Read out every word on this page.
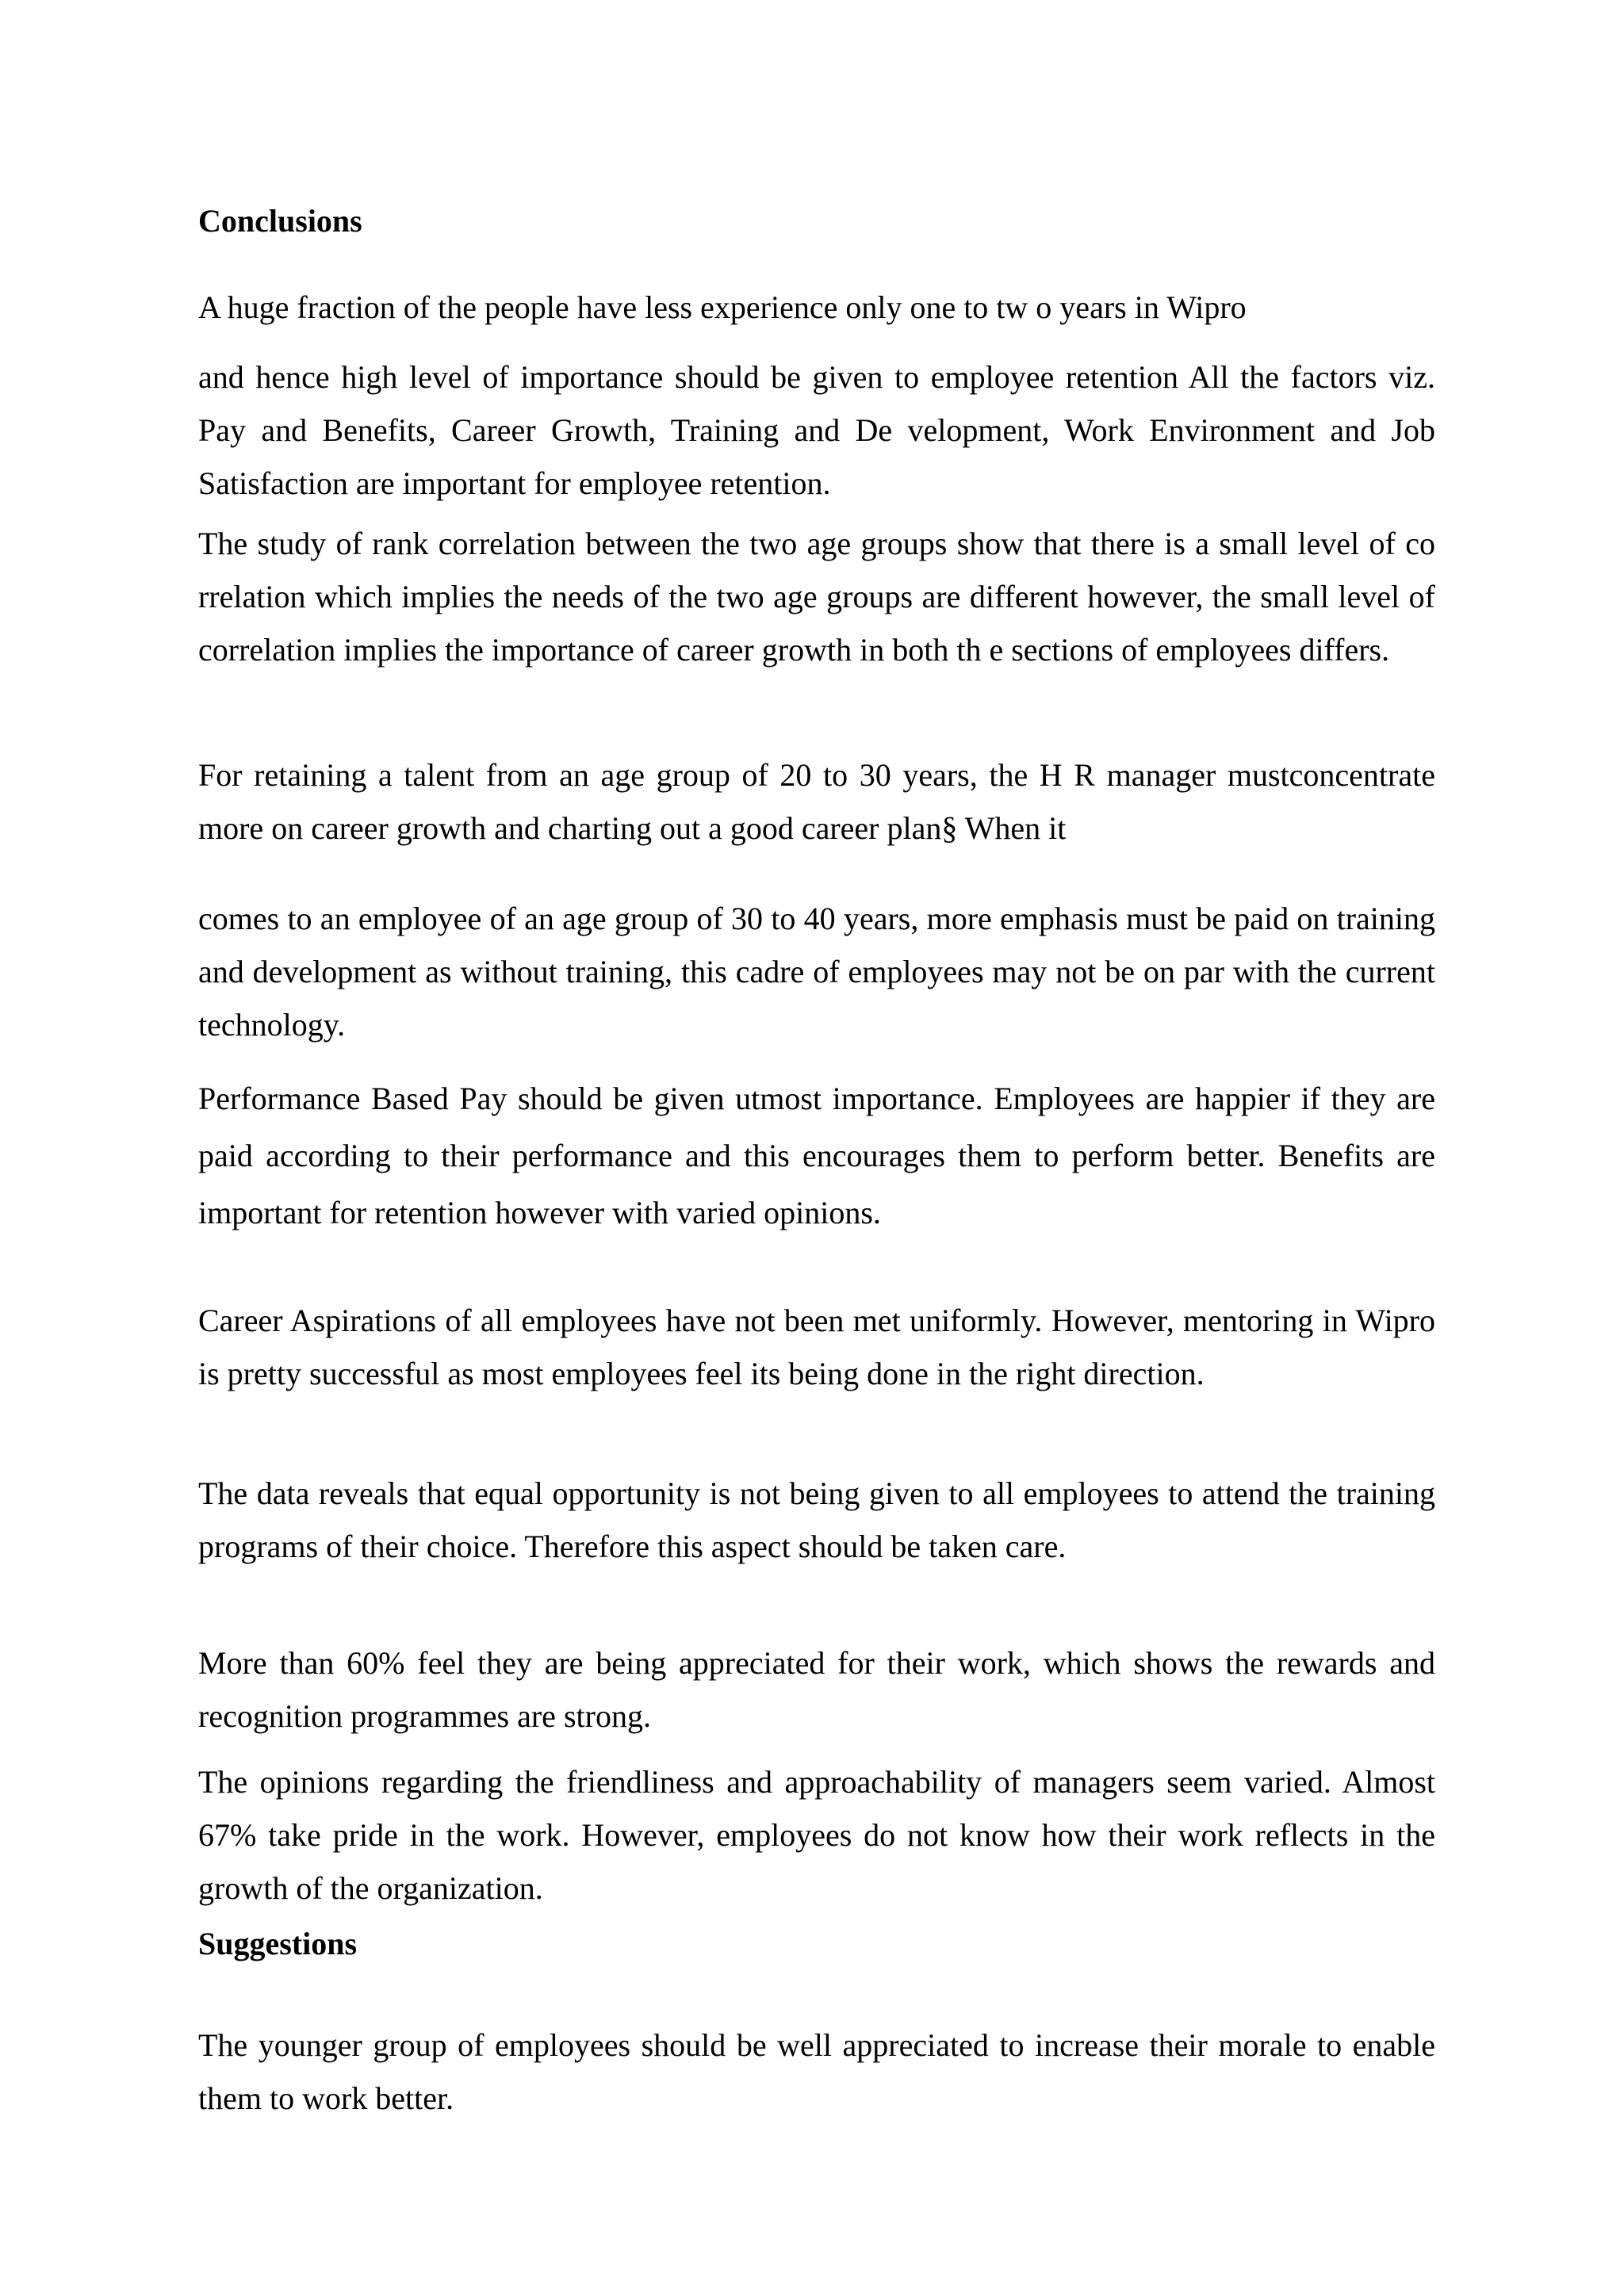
Conclusions

A huge fraction of the people have less experience only one to tw o years in Wipro

and hence high level of importance should be given to employee retention All the factors viz. Pay and Benefits, Career Growth, Training and De velopment, Work Environment and Job Satisfaction are important for employee retention.

The study of rank correlation between the two age groups show that there is a small level of co rrelation which implies the needs of the two age groups are different however, the small level of correlation implies the importance of career growth in both th e sections of employees differs.

For retaining a talent from an age group of 20 to 30 years, the H R manager mustconcentrate more on career growth and charting out a good career plan§ When it

comes to an employee of an age group of 30 to 40 years, more emphasis must be paid on training and development as without training, this cadre of employees may not be on par with the current technology.

Performance Based Pay should be given utmost importance. Employees are happier if they are paid according to their performance and this encourages them to perform better. Benefits are important for retention however with varied opinions.

Career Aspirations of all employees have not been met uniformly. However, mentoring in Wipro is pretty successful as most employees feel its being done in the right direction.

The data reveals that equal opportunity is not being given to all employees to attend the training programs of their choice. Therefore this aspect should be taken care.

More than 60% feel they are being appreciated for their work, which shows the rewards and recognition programmes are strong.

The opinions regarding the friendliness and approachability of managers seem varied. Almost 67% take pride in the work. However, employees do not know how their work reflects in the growth of the organization.

Suggestions

The younger group of employees should be well appreciated to increase their morale to enable them to work better.
